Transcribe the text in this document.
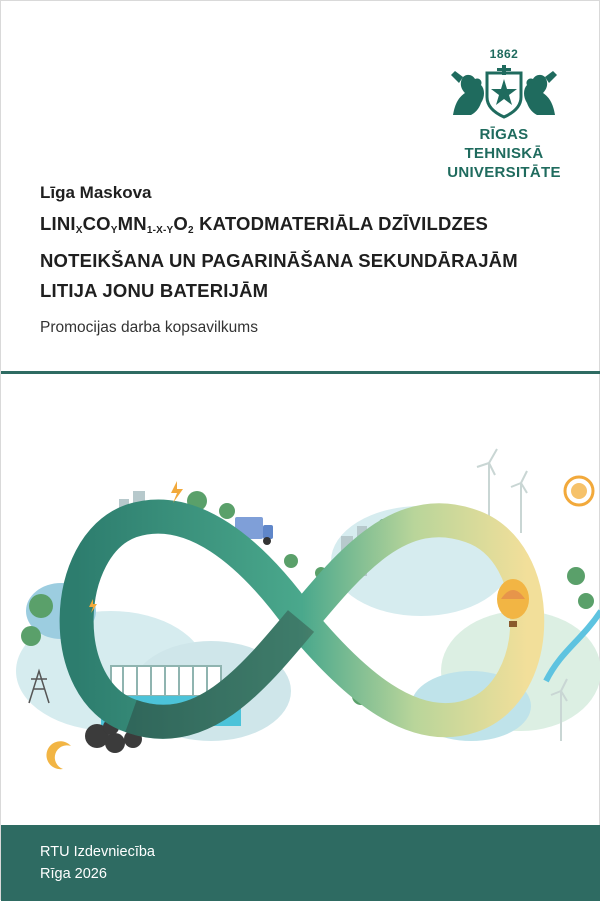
1862
RĪGAS TEHNISKĀ
UNIVERSITĀTE
Līga Maskova
$LINI_XCO_YMN_{1-X-Y}O_2$ KATODMATERIĀLA DZĪVILDZES
NOTEIKŠANA UN PAGARINĀŠANA SEKUNDĀRAJĀM
LITIJA JONU BATERIJĀM
Promocijas darba kopsavilkums
RTU Izdevniecība
Rīga 2026
